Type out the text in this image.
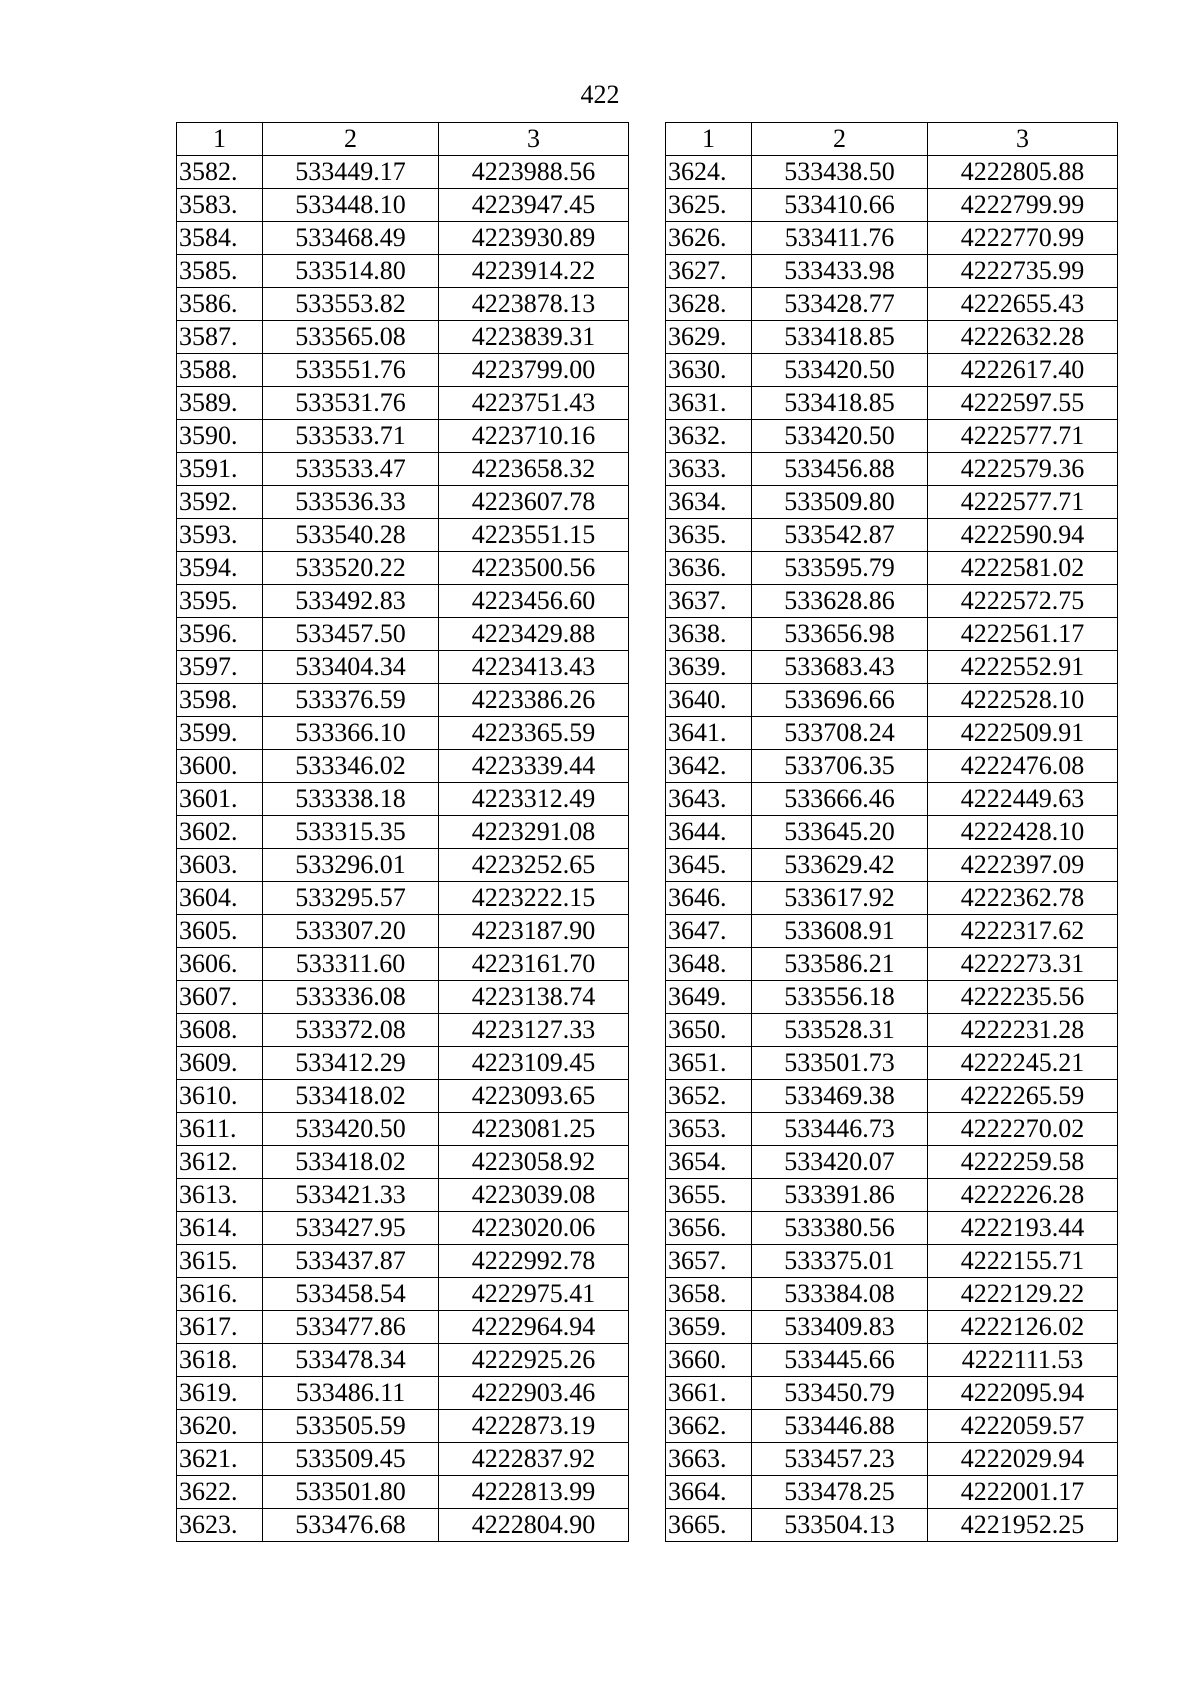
422
1	2	3
3582.	533449.17	4223988.56
3583.	533448.10	4223947.45
3584.	533468.49	4223930.89
3585.	533514.80	4223914.22
3586.	533553.82	4223878.13
3587.	533565.08	4223839.31
3588.	533551.76	4223799.00
3589.	533531.76	4223751.43
3590.	533533.71	4223710.16
3591.	533533.47	4223658.32
3592.	533536.33	4223607.78
3593.	533540.28	4223551.15
3594.	533520.22	4223500.56
3595.	533492.83	4223456.60
3596.	533457.50	4223429.88
3597.	533404.34	4223413.43
3598.	533376.59	4223386.26
3599.	533366.10	4223365.59
3600.	533346.02	4223339.44
3601.	533338.18	4223312.49
3602.	533315.35	4223291.08
3603.	533296.01	4223252.65
3604.	533295.57	4223222.15
3605.	533307.20	4223187.90
3606.	533311.60	4223161.70
3607.	533336.08	4223138.74
3608.	533372.08	4223127.33
3609.	533412.29	4223109.45
3610.	533418.02	4223093.65
3611.	533420.50	4223081.25
3612.	533418.02	4223058.92
3613.	533421.33	4223039.08
3614.	533427.95	4223020.06
3615.	533437.87	4222992.78
3616.	533458.54	4222975.41
3617.	533477.86	4222964.94
3618.	533478.34	4222925.26
3619.	533486.11	4222903.46
3620.	533505.59	4222873.19
3621.	533509.45	4222837.92
3622.	533501.80	4222813.99
3623.	533476.68	4222804.90
1	2	3
3624.	533438.50	4222805.88
3625.	533410.66	4222799.99
3626.	533411.76	4222770.99
3627.	533433.98	4222735.99
3628.	533428.77	4222655.43
3629.	533418.85	4222632.28
3630.	533420.50	4222617.40
3631.	533418.85	4222597.55
3632.	533420.50	4222577.71
3633.	533456.88	4222579.36
3634.	533509.80	4222577.71
3635.	533542.87	4222590.94
3636.	533595.79	4222581.02
3637.	533628.86	4222572.75
3638.	533656.98	4222561.17
3639.	533683.43	4222552.91
3640.	533696.66	4222528.10
3641.	533708.24	4222509.91
3642.	533706.35	4222476.08
3643.	533666.46	4222449.63
3644.	533645.20	4222428.10
3645.	533629.42	4222397.09
3646.	533617.92	4222362.78
3647.	533608.91	4222317.62
3648.	533586.21	4222273.31
3649.	533556.18	4222235.56
3650.	533528.31	4222231.28
3651.	533501.73	4222245.21
3652.	533469.38	4222265.59
3653.	533446.73	4222270.02
3654.	533420.07	4222259.58
3655.	533391.86	4222226.28
3656.	533380.56	4222193.44
3657.	533375.01	4222155.71
3658.	533384.08	4222129.22
3659.	533409.83	4222126.02
3660.	533445.66	4222111.53
3661.	533450.79	4222095.94
3662.	533446.88	4222059.57
3663.	533457.23	4222029.94
3664.	533478.25	4222001.17
3665.	533504.13	4221952.25
